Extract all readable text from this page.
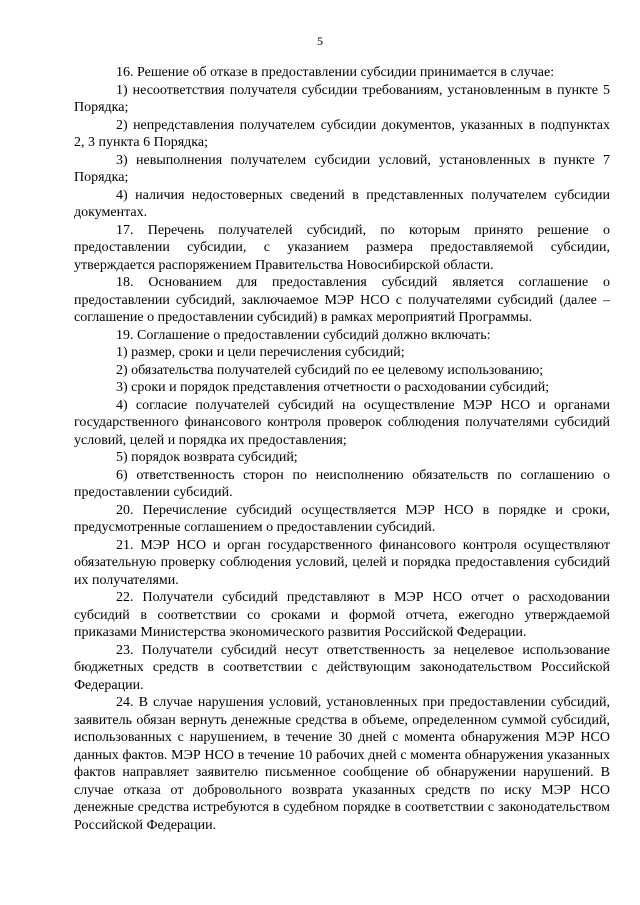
5

16. Решение об отказе в предоставлении субсидии принимается в случае:

1) несоответствия получателя субсидии требованиям, установленным в пункте 5 Порядка;

2) непредставления получателем субсидии документов, указанных в подпунктах 2, 3 пункта 6 Порядка;

3) невыполнения получателем субсидии условий, установленных в пункте 7 Порядка;

4) наличия недостоверных сведений в представленных получателем субсидии документах.

17. Перечень получателей субсидий, по которым принято решение о предоставлении субсидии, с указанием размера предоставляемой субсидии, утверждается распоряжением Правительства Новосибирской области.

18. Основанием для предоставления субсидий является соглашение о предоставлении субсидий, заключаемое МЭР НСО с получателями субсидий (далее – соглашение о предоставлении субсидий) в рамках мероприятий Программы.

19. Соглашение о предоставлении субсидий должно включать:

1) размер, сроки и цели перечисления субсидий;

2) обязательства получателей субсидий по ее целевому использованию;

3) сроки и порядок представления отчетности о расходовании субсидий;

4) согласие получателей субсидий на осуществление МЭР НСО и органами государственного финансового контроля проверок соблюдения получателями субсидий условий, целей и порядка их предоставления;

5) порядок возврата субсидий;

6) ответственность сторон по неисполнению обязательств по соглашению о предоставлении субсидий.

20. Перечисление субсидий осуществляется МЭР НСО в порядке и сроки, предусмотренные соглашением о предоставлении субсидий.

21. МЭР НСО и орган государственного финансового контроля осуществляют обязательную проверку соблюдения условий, целей и порядка предоставления субсидий их получателями.

22. Получатели субсидий представляют в МЭР НСО отчет о расходовании субсидий в соответствии со сроками и формой отчета, ежегодно утверждаемой приказами Министерства экономического развития Российской Федерации.

23. Получатели субсидий несут ответственность за нецелевое использование бюджетных средств в соответствии с действующим законодательством Российской Федерации.

24. В случае нарушения условий, установленных при предоставлении субсидий, заявитель обязан вернуть денежные средства в объеме, определенном суммой субсидий, использованных с нарушением, в течение 30 дней с момента обнаружения МЭР НСО данных фактов. МЭР НСО в течение 10 рабочих дней с момента обнаружения указанных фактов направляет заявителю письменное сообщение об обнаружении нарушений. В случае отказа от добровольного возврата указанных средств по иску МЭР НСО денежные средства истребуются в судебном порядке в соответствии с законодательством Российской Федерации.
